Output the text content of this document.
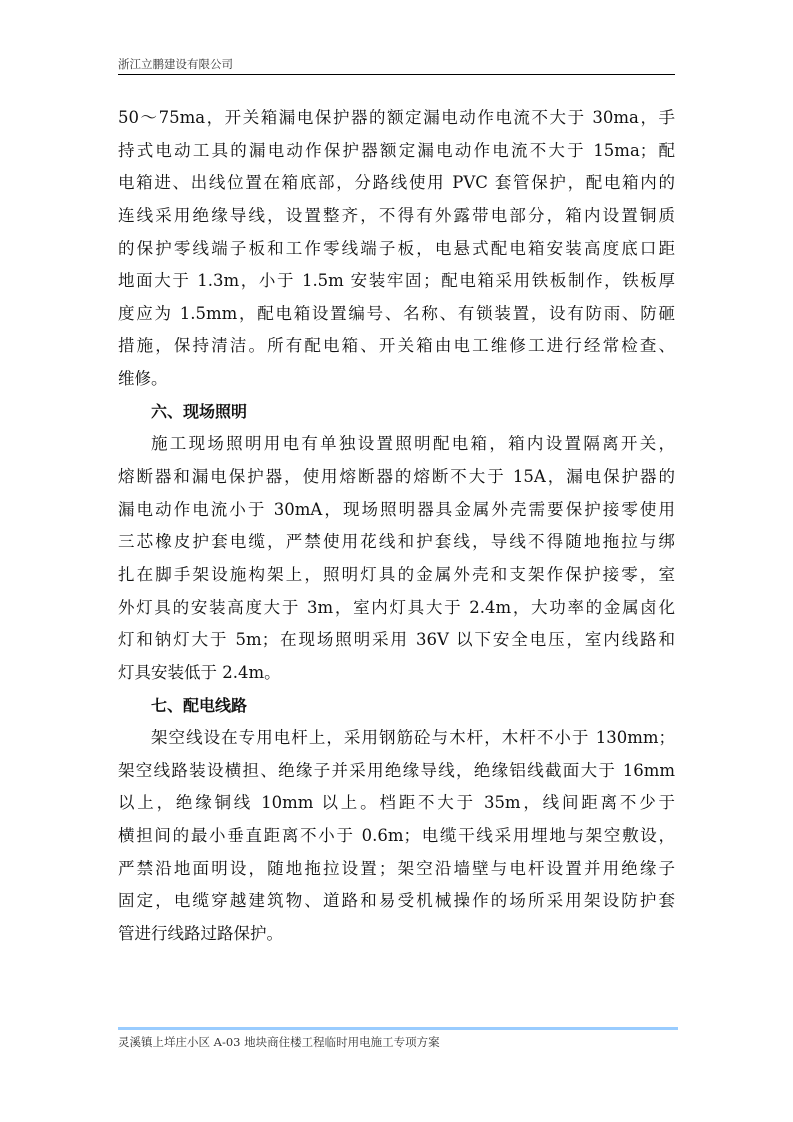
浙江立鹏建设有限公司
50～75ma，开关箱漏电保护器的额定漏电动作电流不大于 30ma，手
持式电动工具的漏电动作保护器额定漏电动作电流不大于 15ma；配
电箱进、出线位置在箱底部，分路线使用 PVC 套管保护，配电箱内的
连线采用绝缘导线，设置整齐，不得有外露带电部分，箱内设置铜质
的保护零线端子板和工作零线端子板，电悬式配电箱安装高度底口距
地面大于 1.3m，小于 1.5m 安装牢固；配电箱采用铁板制作，铁板厚
度应为 1.5mm，配电箱设置编号、名称、有锁装置，设有防雨、防砸
措施，保持清洁。所有配电箱、开关箱由电工维修工进行经常检查、
维修。
六、现场照明
施工现场照明用电有单独设置照明配电箱，箱内设置隔离开关，
熔断器和漏电保护器，使用熔断器的熔断不大于 15A，漏电保护器的
漏电动作电流小于 30mA，现场照明器具金属外壳需要保护接零使用
三芯橡皮护套电缆，严禁使用花线和护套线，导线不得随地拖拉与绑
扎在脚手架设施构架上，照明灯具的金属外壳和支架作保护接零，室
外灯具的安装高度大于 3m，室内灯具大于 2.4m，大功率的金属卤化
灯和钠灯大于 5m；在现场照明采用 36V 以下安全电压，室内线路和
灯具安装低于 2.4m。
七、配电线路
架空线设在专用电杆上，采用钢筋砼与木杆，木杆不小于 130mm；
架空线路装设横担、绝缘子并采用绝缘导线，绝缘铝线截面大于 16mm
以上，绝缘铜线 10mm 以上。档距不大于 35m，线间距离不少于
横担间的最小垂直距离不小于 0.6m；电缆干线采用埋地与架空敷设，
严禁沿地面明设，随地拖拉设置；架空沿墙壁与电杆设置并用绝缘子
固定，电缆穿越建筑物、道路和易受机械操作的场所采用架设防护套
管进行线路过路保护。
灵溪镇上垟庄小区 A-03 地块商住楼工程临时用电施工专项方案
